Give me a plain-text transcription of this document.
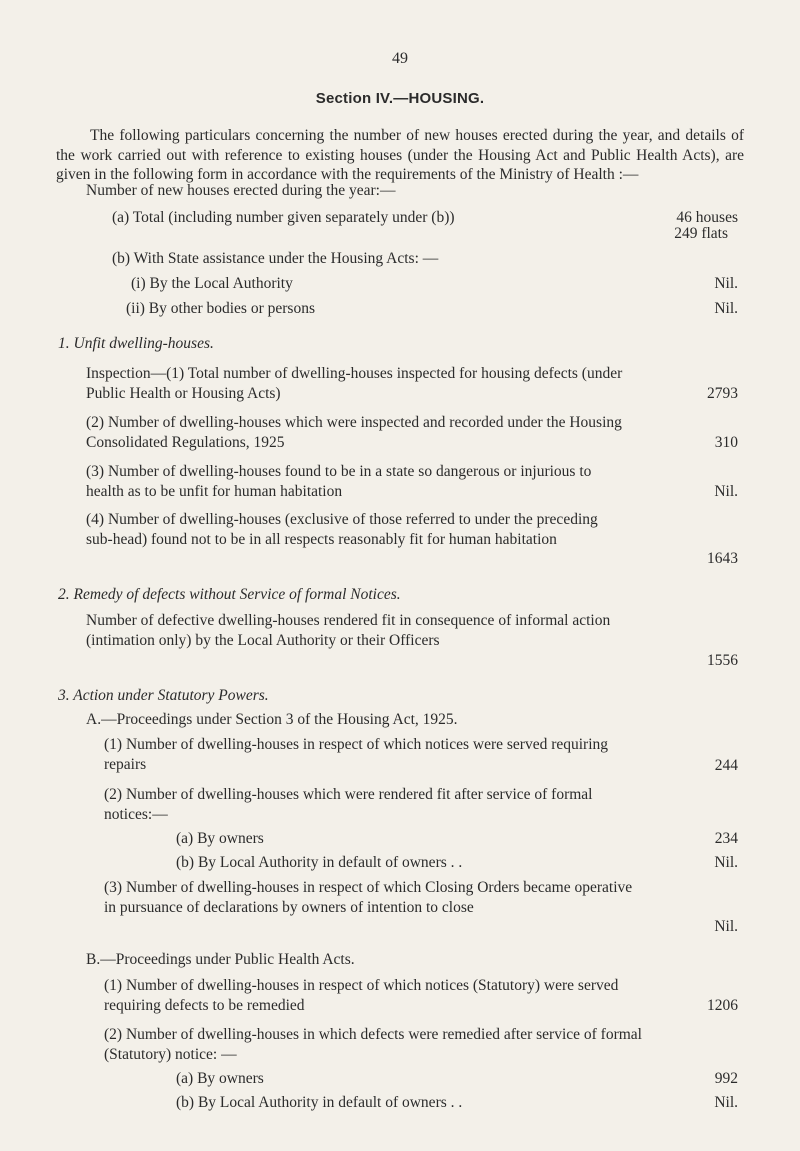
49
Section IV.—HOUSING.
The following particulars concerning the number of new houses erected during the year, and details of the work carried out with reference to existing houses (under the Housing Act and Public Health Acts), are given in the following form in accordance with the requirements of the Ministry of Health :—
Number of new houses erected during the year:—
(a) Total (including number given separately under (b))	46 houses
249 flats
(b) With State assistance under the Housing Acts: —
(i) By the Local Authority	Nil.
(ii) By other bodies or persons	Nil.
1. Unfit dwelling-houses.
Inspection—(1) Total number of dwelling-houses inspected for housing defects (under Public Health or Housing Acts)	2793
(2) Number of dwelling-houses which were inspected and recorded under the Housing Consolidated Regulations, 1925	310
(3) Number of dwelling-houses found to be in a state so dangerous or injurious to health as to be unfit for human habitation	Nil.
(4) Number of dwelling-houses (exclusive of those referred to under the preceding sub-head) found not to be in all respects reasonably fit for human habitation
1643
2. Remedy of defects without Service of formal Notices.
Number of defective dwelling-houses rendered fit in consequence of informal action (intimation only) by the Local Authority or their Officers
1556
3. Action under Statutory Powers.
A.—Proceedings under Section 3 of the Housing Act, 1925.
(1) Number of dwelling-houses in respect of which notices were served requiring repairs	244
(2) Number of dwelling-houses which were rendered fit after service of formal notices:—
(a) By owners	234
(b) By Local Authority in default of owners . .	Nil.
(3) Number of dwelling-houses in respect of which Closing Orders became operative in pursuance of declarations by owners of intention to close
Nil.
B.—Proceedings under Public Health Acts.
(1) Number of dwelling-houses in respect of which notices (Statutory) were served requiring defects to be remedied	1206
(2) Number of dwelling-houses in which defects were remedied after service of formal (Statutory) notice: —
(a) By owners	992
(b) By Local Authority in default of owners . .	Nil.
